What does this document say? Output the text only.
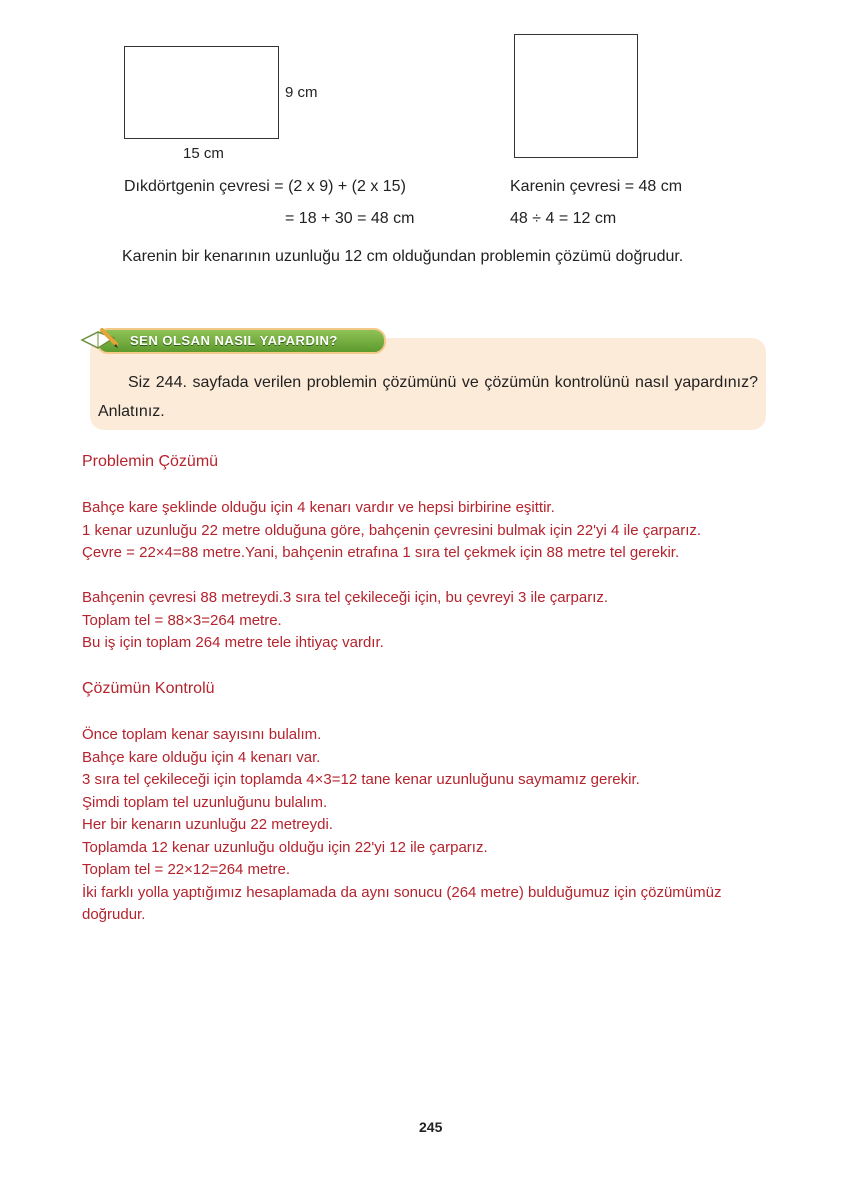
9 cm
15 cm
Dıkdörtgenin çevresi = (2 x 9) + (2 x 15)
= 18 + 30 = 48 cm
Karenin çevresi = 48 cm
48 ÷ 4 = 12 cm
Karenin bir kenarının uzunluğu 12 cm olduğundan problemin çözümü doğrudur.
SEN OLSAN NASIL YAPARDIN?
Siz 244. sayfada verilen problemin çözümünü ve çözümün kontrolünü nasıl yapardınız? Anlatınız.
Problemin Çözümü
Bahçe kare şeklinde olduğu için 4 kenarı vardır ve hepsi birbirine eşittir.
1 kenar uzunluğu 22 metre olduğuna göre, bahçenin çevresini bulmak için 22'yi 4 ile çarparız.
Çevre = 22×4=88 metre.Yani, bahçenin etrafına 1 sıra tel çekmek için 88 metre tel gerekir.
Bahçenin çevresi 88 metreydi.3 sıra tel çekileceği için, bu çevreyi 3 ile çarparız.
Toplam tel = 88×3=264 metre.
Bu iş için toplam 264 metre tele ihtiyaç vardır.
Çözümün Kontrolü
Önce toplam kenar sayısını bulalım.
Bahçe kare olduğu için 4 kenarı var.
3 sıra tel çekileceği için toplamda 4×3=12 tane kenar uzunluğunu saymamız gerekir.
Şimdi toplam tel uzunluğunu bulalım.
Her bir kenarın uzunluğu 22 metreydi.
Toplamda 12 kenar uzunluğu olduğu için 22'yi 12 ile çarparız.
Toplam tel = 22×12=264 metre.
İki farklı yolla yaptığımız hesaplamada da aynı sonucu (264 metre) bulduğumuz için çözümümüz
doğrudur.
245
